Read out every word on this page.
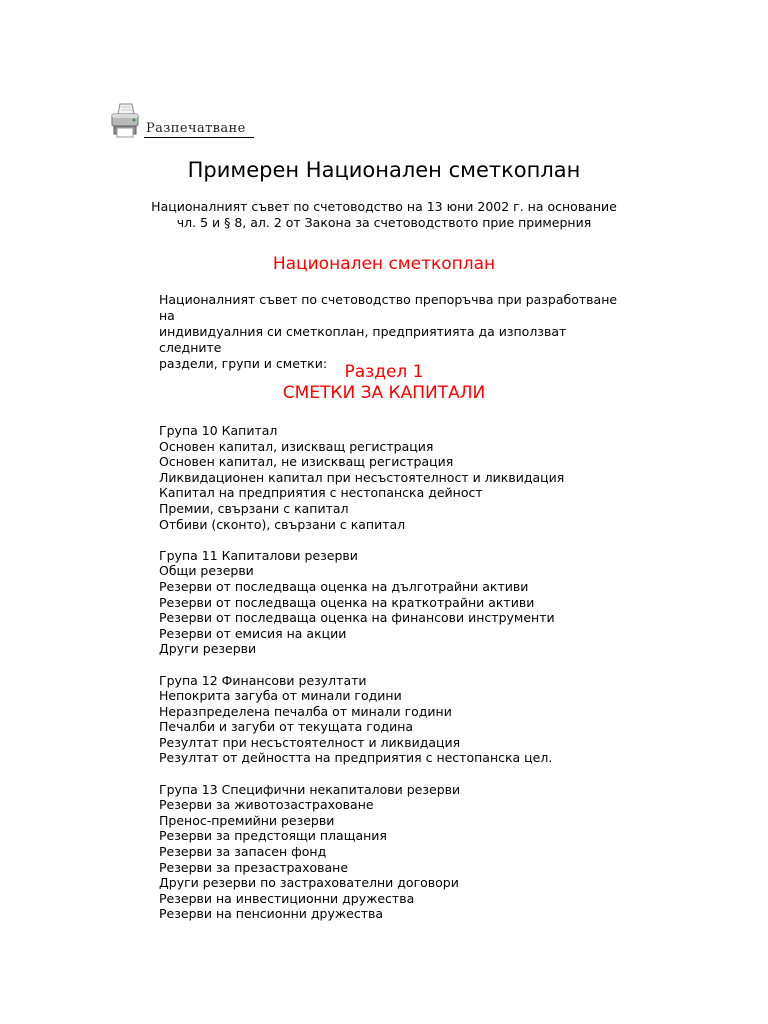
Разпечатване
Примерен Национален сметкоплан
Националният съвет по счетоводство на 13 юни 2002 г. на основание
чл. 5 и § 8, ал. 2 от Закона за счетоводството прие примерния
Национален сметкоплан
Националният съвет по счетоводство препоръчва при разработване на
индивидуалния си сметкоплан, предприятията да използват следните
раздели, групи и сметки:	Раздел 1
СМЕТКИ ЗА КАПИТАЛИ
Група 10 Капитал
Основен капитал, изискващ регистрация
Основен капитал, не изискващ регистрация
Ликвидационен капитал при несъстоятелност и ликвидация
Капитал на предприятия с нестопанска дейност
Премии, свързани с капитал
Отбиви (сконто), свързани с капитал
Група 11 Капиталови резерви
Общи резерви
Резерви от последваща оценка на дълготрайни активи
Резерви от последваща оценка на краткотрайни активи
Резерви от последваща оценка на финансови инструменти
Резерви от емисия на акции
Други резерви
Група 12 Финансови резултати
Непокрита загуба от минали години
Неразпределена печалба от минали години
Печалби и загуби от текущата година
Резултат при несъстоятелност и ликвидация
Резултат от дейността на предприятия с нестопанска цел.
Група 13 Специфични некапиталови резерви
Резерви за животозастраховане
Пренос-премийни резерви
Резерви за предстоящи плащания
Резерви за запасен фонд
Резерви за презастраховане
Други резерви по застрахователни договори
Резерви на инвестиционни дружества
Резерви на пенсионни дружества
